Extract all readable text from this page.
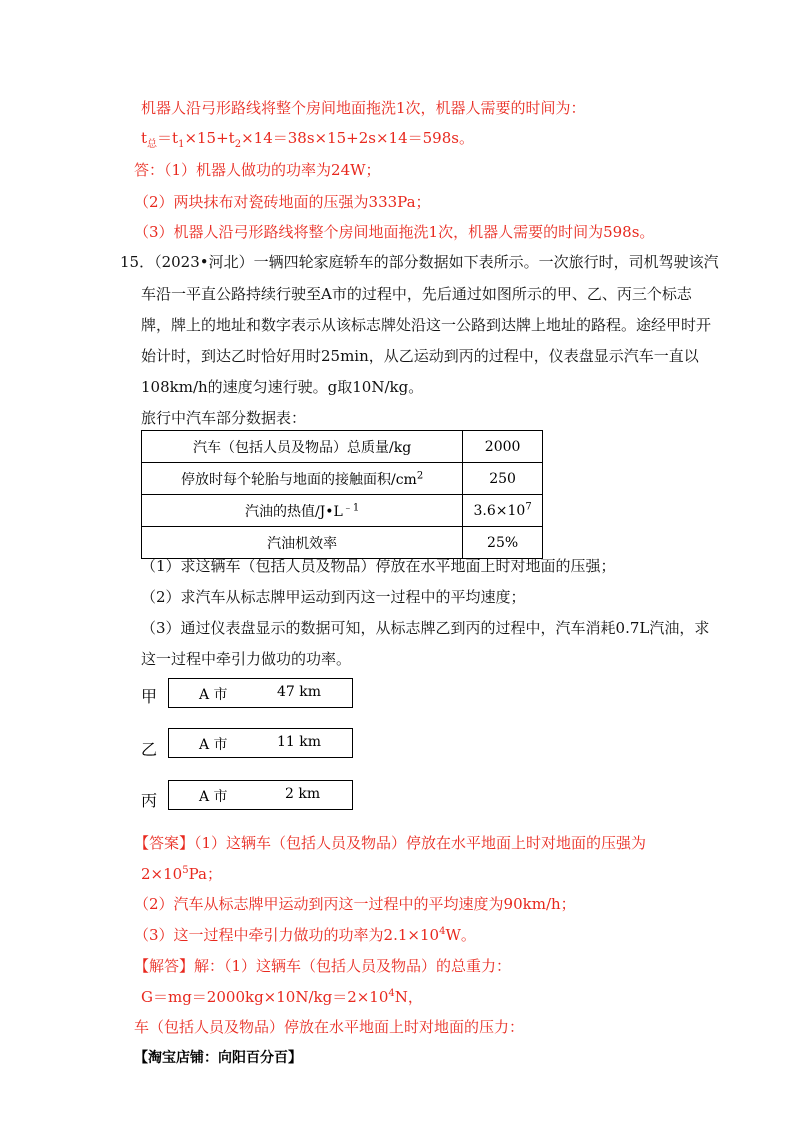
机器人沿弓形路线将整个房间地面拖洗1次，机器人需要的时间为：
$t_总=t_1\times 15+t_2\times 14=38s\times 15+2s\times 14=598s$。
答：（1）机器人做功的功率为24W；
（2）两块抹布对瓷砖地面的压强为333Pa；
（3）机器人沿弓形路线将整个房间地面拖洗1次，机器人需要的时间为598s。
15．（2023•河北）一辆四轮家庭轿车的部分数据如下表所示。一次旅行时，司机驾驶该汽
车沿一平直公路持续行驶至A市的过程中，先后通过如图所示的甲、乙、丙三个标志
牌，牌上的地址和数字表示从该标志牌处沿这一公路到达牌上地址的路程。途经甲时开
始计时，到达乙时恰好用时25min，从乙运动到丙的过程中，仪表盘显示汽车一直以
108km/h的速度匀速行驶。g取10N/kg。
旅行中汽车部分数据表：
汽车（包括人员及物品）总质量/kg	2000
停放时每个轮胎与地面的接触面积$/cm^2$	250
汽油的热值$/J•L^{﹣1}$	$3.6\times 10^7$
汽油机效率	25%
（1）求这辆车（包括人员及物品）停放在水平地面上时对地面的压强；
（2）求汽车从标志牌甲运动到丙这一过程中的平均速度；
（3）通过仪表盘显示的数据可知，从标志牌乙到丙的过程中，汽车消耗0.7L汽油，求
这一过程中牵引力做功的功率。
甲	A 市	47 km
乙	A 市	11 km
丙	A 市	2 km
【答案】（1）这辆车（包括人员及物品）停放在水平地面上时对地面的压强为
$2\times 10^5Pa$；
（2）汽车从标志牌甲运动到丙这一过程中的平均速度为90km/h；
（3）这一过程中牵引力做功的功率为$2.1\times 10^4W$。
【解答】解：（1）这辆车（包括人员及物品）的总重力：
$G=mg=2000kg\times 10N/kg=2\times 10^4N$，
车（包括人员及物品）停放在水平地面上时对地面的压力：
【淘宝店铺：向阳百分百】
